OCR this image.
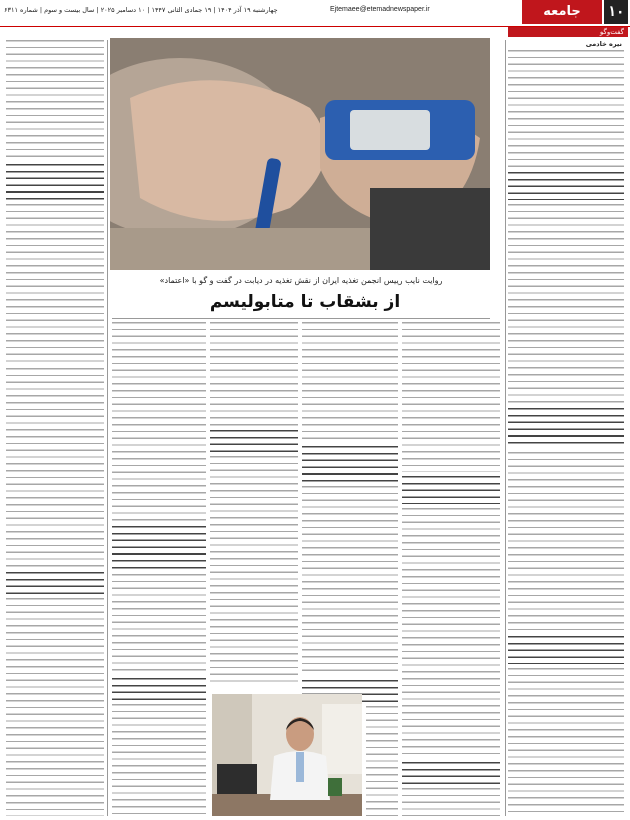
۱۰
جامعه
Ejtemaee@etemadnewspaper.ir
چهارشنبه ۱۹ آذر ۱۴۰۴ | ۱۹ جمادی الثانی ۱۴۴۷ | ۱۰ دسامبر ۲۰۲۵ | سال بیست و سوم | شماره ۶۳۱۱
گفت‌وگو
نیره خادمی
روایت نایب رییس انجمن تغذیه ایران از نقش تغذیه در دیابت در گفت و گو با «اعتماد»
از بشقاب تا متابولیسم
